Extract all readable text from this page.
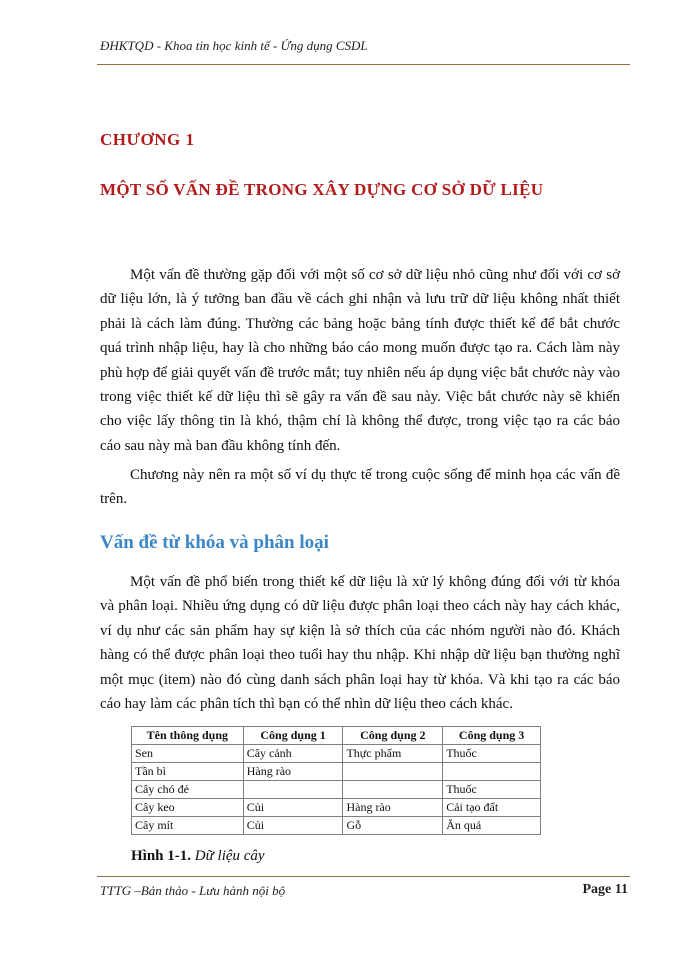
ĐHKTQD - Khoa tin học kinh tế - Ứng dụng CSDL
CHƯƠNG 1
MỘT SỐ VẤN ĐỀ TRONG XÂY DỰNG CƠ SỞ DỮ LIỆU

Một vấn đề thường gặp đối với một số cơ sở dữ liệu nhỏ cũng như đối với cơ sở dữ liệu lớn, là ý tưởng ban đầu về cách ghi nhận và lưu trữ dữ liệu không nhất thiết phải là cách làm đúng. Thường các bảng hoặc bảng tính được thiết kế để bắt chước quá trình nhập liệu, hay là cho những báo cáo mong muốn được tạo ra. Cách làm này phù hợp để giải quyết vấn đề trước mắt; tuy nhiên nếu áp dụng việc bắt chước này vào trong việc thiết kế dữ liệu thì sẽ gây ra vấn đề sau này. Việc bắt chước này sẽ khiến cho việc lấy thông tin là khó, thậm chí là không thể được, trong việc tạo ra các báo cáo sau này mà ban đầu không tính đến.

Chương này nên ra một số ví dụ thực tế trong cuộc sống để minh họa các vấn đề trên.

Vấn đề từ khóa và phân loại

Một vấn đề phổ biến trong thiết kế dữ liệu là xử lý không đúng đối với từ khóa và phân loại. Nhiều ứng dụng có dữ liệu được phân loại theo cách này hay cách khác, ví dụ như các sản phẩm hay sự kiện là sở thích của các nhóm người nào đó. Khách hàng có thể được phân loại theo tuổi hay thu nhập. Khi nhập dữ liệu bạn thường nghĩ một mục (item) nào đó cùng danh sách phân loại hay từ khóa. Và khi tạo ra các báo cáo hay làm các phân tích thì bạn có thể nhìn dữ liệu theo cách khác.

Tên thông dụng	Công dụng 1	Công dụng 2	Công dụng 3
Sen	Cây cảnh	Thực phẩm	Thuốc
Tần bì	Hàng rào		
Cây chó đẻ			Thuốc
Cây keo	Củi	Hàng rào	Cải tạo đất
Cây mít	Củi	Gỗ	Ăn quả
Hình 1-1. Dữ liệu cây
TTTG –Bản thảo - Lưu hành nội bộ	Page 11
